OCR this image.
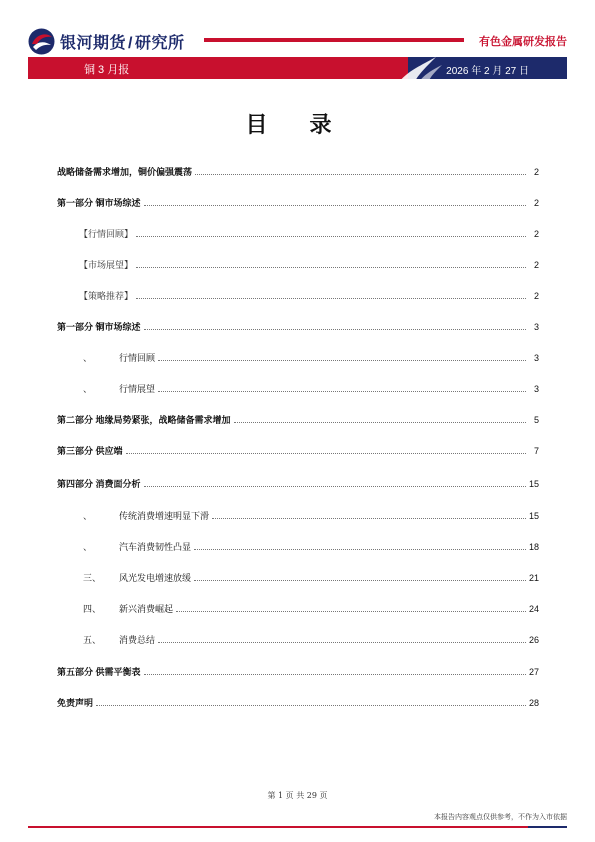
银河期货 / 研究所	有色金属研发报告
铜 3 月报	2026 年 2 月 27 日
目 录
战略储备需求增加，铜价偏强震荡	2
第一部分 铜市场综述	2
【行情回顾】	2
【市场展望】	2
【策略推荐】	2
第一部分 铜市场综述	3
、	行情回顾	3
、	行情展望	3
第二部分 地缘局势紧张，战略储备需求增加	5
第三部分 供应端	7
第四部分 消费面分析	15
、	传统消费增速明显下滑	15
、	汽车消费韧性凸显	18
三、 风光发电增速放缓	21
四、 新兴消费崛起	24
五、 消费总结	26
第五部分 供需平衡表	27
免责声明	28
第 1 页 共 29 页
本报告内容观点仅供参考，不作为入市依据
